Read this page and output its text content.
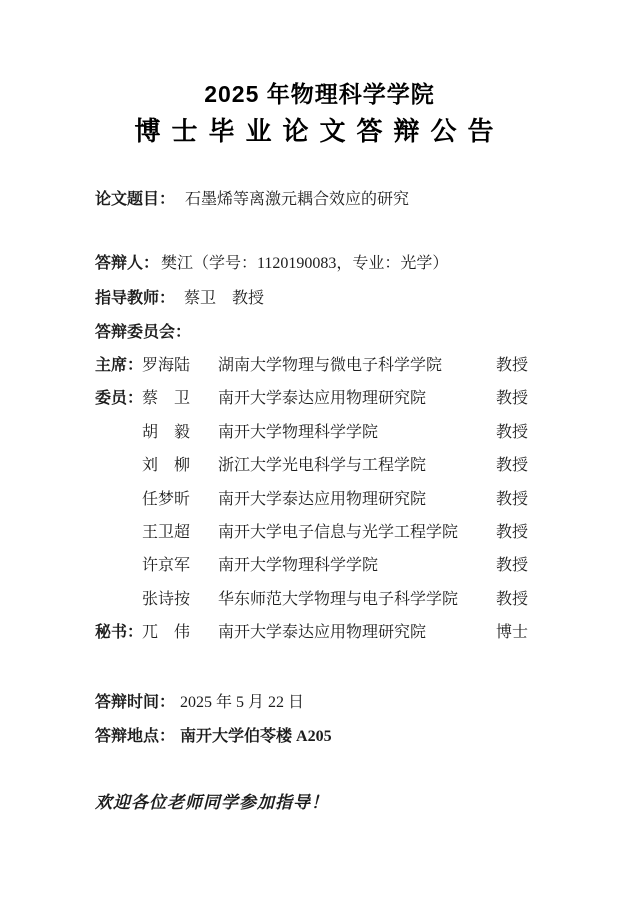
2025 年物理科学学院
博士毕业论文答辩公告
论文题目： 石墨烯等离激元耦合效应的研究
答辩人： 樊江（学号：1120190083，专业：光学）
指导教师： 蔡卫　教授
答辩委员会：
主席：
罗海陆 湖南大学物理与微电子科学学院	教授
委员：
蔡　卫 南开大学泰达应用物理研究院	教授
胡　毅 南开大学物理科学学院	教授
刘　柳 浙江大学光电科学与工程学院	教授
任梦昕 南开大学泰达应用物理研究院	教授
王卫超 南开大学电子信息与光学工程学院 教授
许京军 南开大学物理科学学院	教授
张诗按 华东师范大学物理与电子科学学院 教授
秘书：
兀　伟 南开大学泰达应用物理研究院	博士
答辩时间： 2025 年 5 月 22 日
答辩地点： 南开大学伯苓楼 A205
欢迎各位老师同学参加指导！
